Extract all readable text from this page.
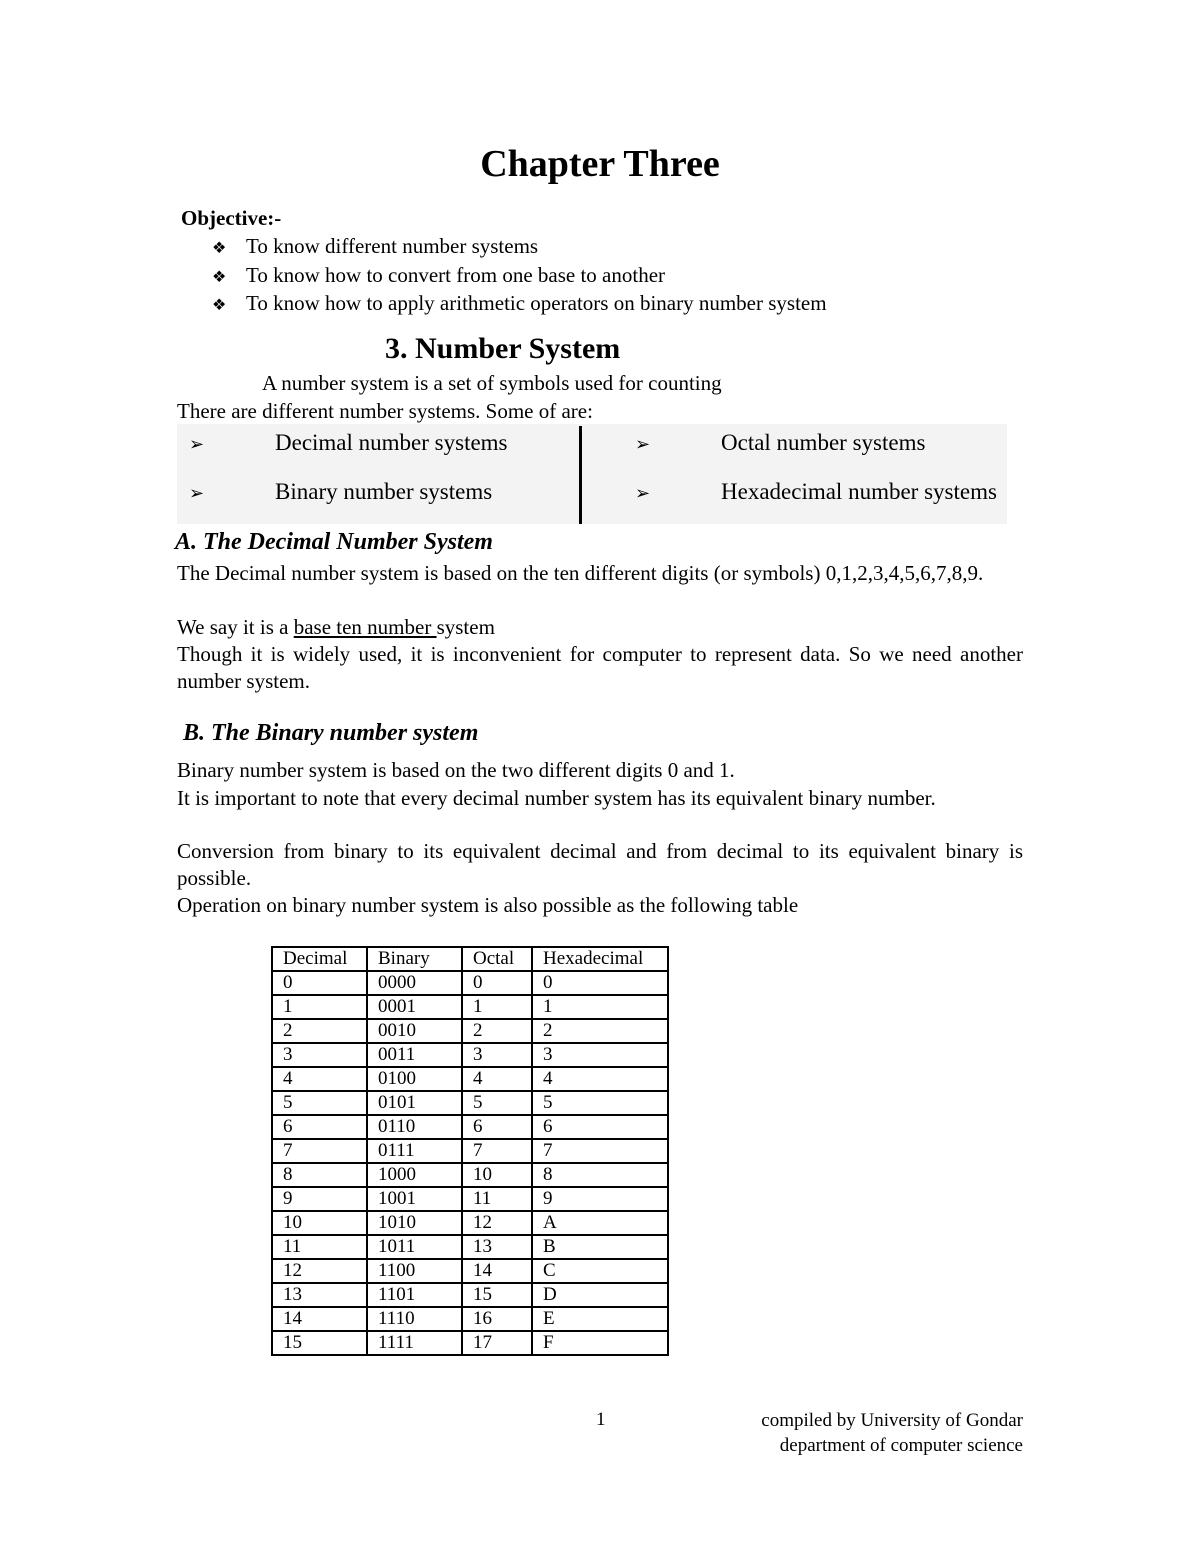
Chapter Three
Objective:-
❖ To know different number systems
❖ To know how to convert from one base to another
❖ To know how to apply arithmetic operators on binary number system
3. Number System
A number system is a set of symbols used for counting
There are different number systems. Some of are:
➢	Decimal number systems
➢	Binary number systems
➢	Octal number systems
➢	Hexadecimal number systems
A. The Decimal Number System
The Decimal number system is based on the ten different digits (or symbols) 0,1,2,3,4,5,6,7,8,9.
We say it is a base ten number system
Though it is widely used, it is inconvenient for computer to represent data. So we need another number system.
B. The Binary number system
Binary number system is based on the two different digits 0 and 1.
It is important to note that every decimal number system has its equivalent binary number.
Conversion from binary to its equivalent decimal and from decimal to its equivalent binary is possible.
Operation on binary number system is also possible as the following table
Decimal	Binary	Octal	Hexadecimal
0	0000	0	0
1	0001	1	1
2	0010	2	2
3	0011	3	3
4	0100	4	4
5	0101	5	5
6	0110	6	6
7	0111	7	7
8	1000	10	8
9	1001	11	9
10	1010	12	A
11	1011	13	B
12	1100	14	C
13	1101	15	D
14	1110	16	E
15	1111	17	F
1	compiled by University of Gondar
department of computer science
